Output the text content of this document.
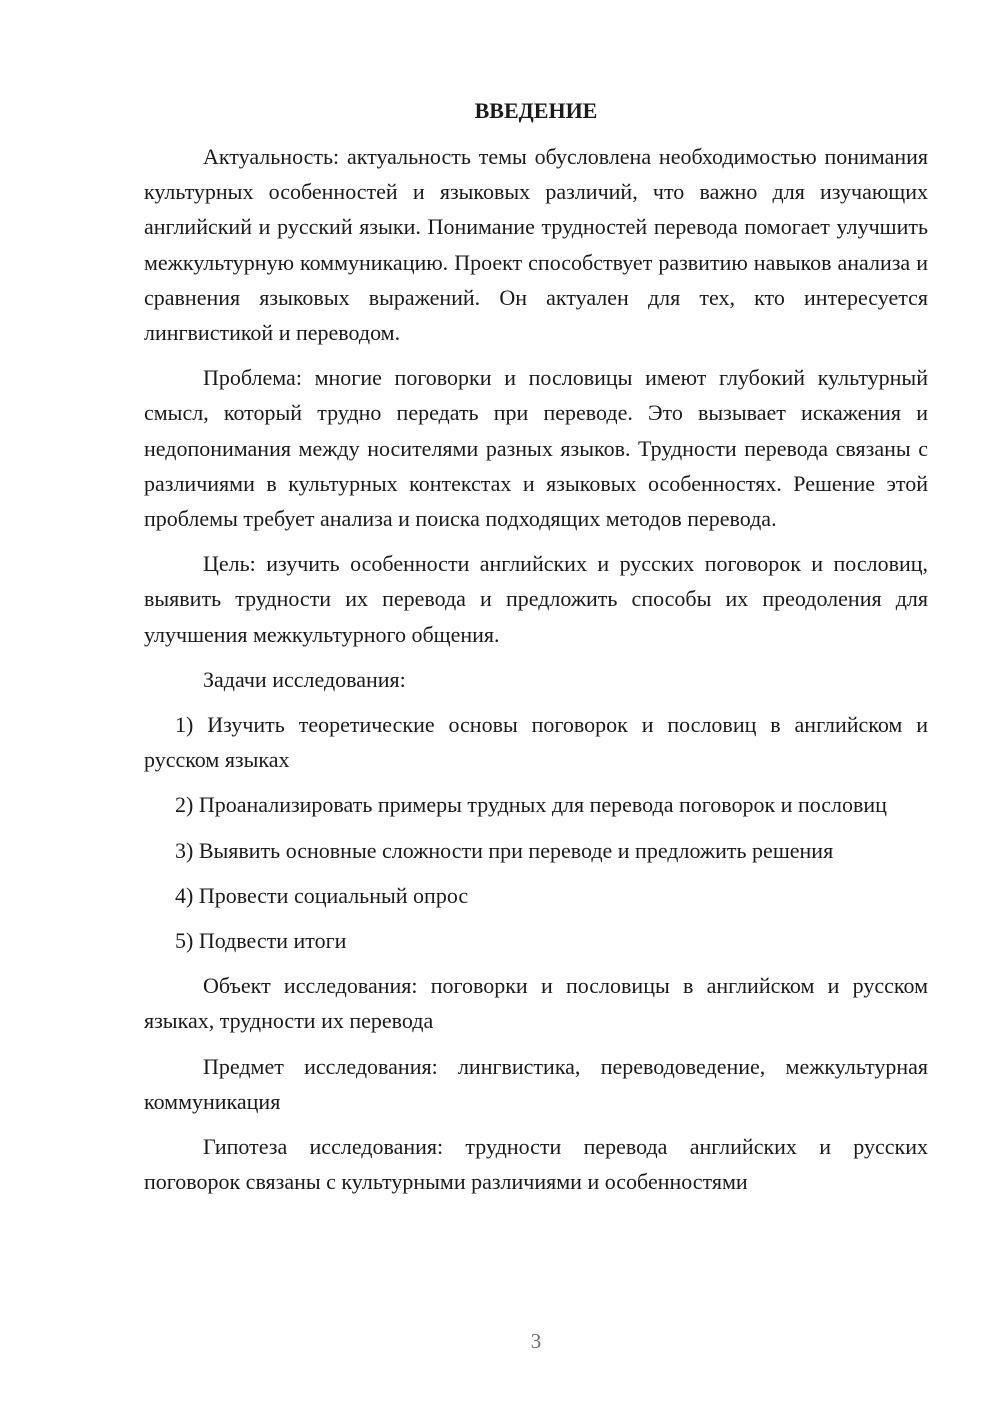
ВВЕДЕНИЕ

Актуальность: актуальность темы обусловлена необходимостью понимания культурных особенностей и языковых различий, что важно для изучающих английский и русский языки. Понимание трудностей перевода помогает улучшить межкультурную коммуникацию. Проект способствует развитию навыков анализа и сравнения языковых выражений. Он актуален для тех, кто интересуется лингвистикой и переводом.

Проблема: многие поговорки и пословицы имеют глубокий культурный смысл, который трудно передать при переводе. Это вызывает искажения и недопонимания между носителями разных языков. Трудности перевода связаны с различиями в культурных контекстах и языковых особенностях. Решение этой проблемы требует анализа и поиска подходящих методов перевода.

Цель: изучить особенности английских и русских поговорок и пословиц, выявить трудности их перевода и предложить способы их преодоления для улучшения межкультурного общения.

Задачи исследования:

1) Изучить теоретические основы поговорок и пословиц в английском и русском языках

2) Проанализировать примеры трудных для перевода поговорок и пословиц

3) Выявить основные сложности при переводе и предложить решения

4) Провести социальный опрос

5) Подвести итоги

Объект исследования: поговорки и пословицы в английском и русском языках, трудности их перевода

Предмет исследования: лингвистика, переводоведение, межкультурная коммуникация

Гипотеза исследования: трудности перевода английских и русских поговорок связаны с культурными различиями и особенностями

3
